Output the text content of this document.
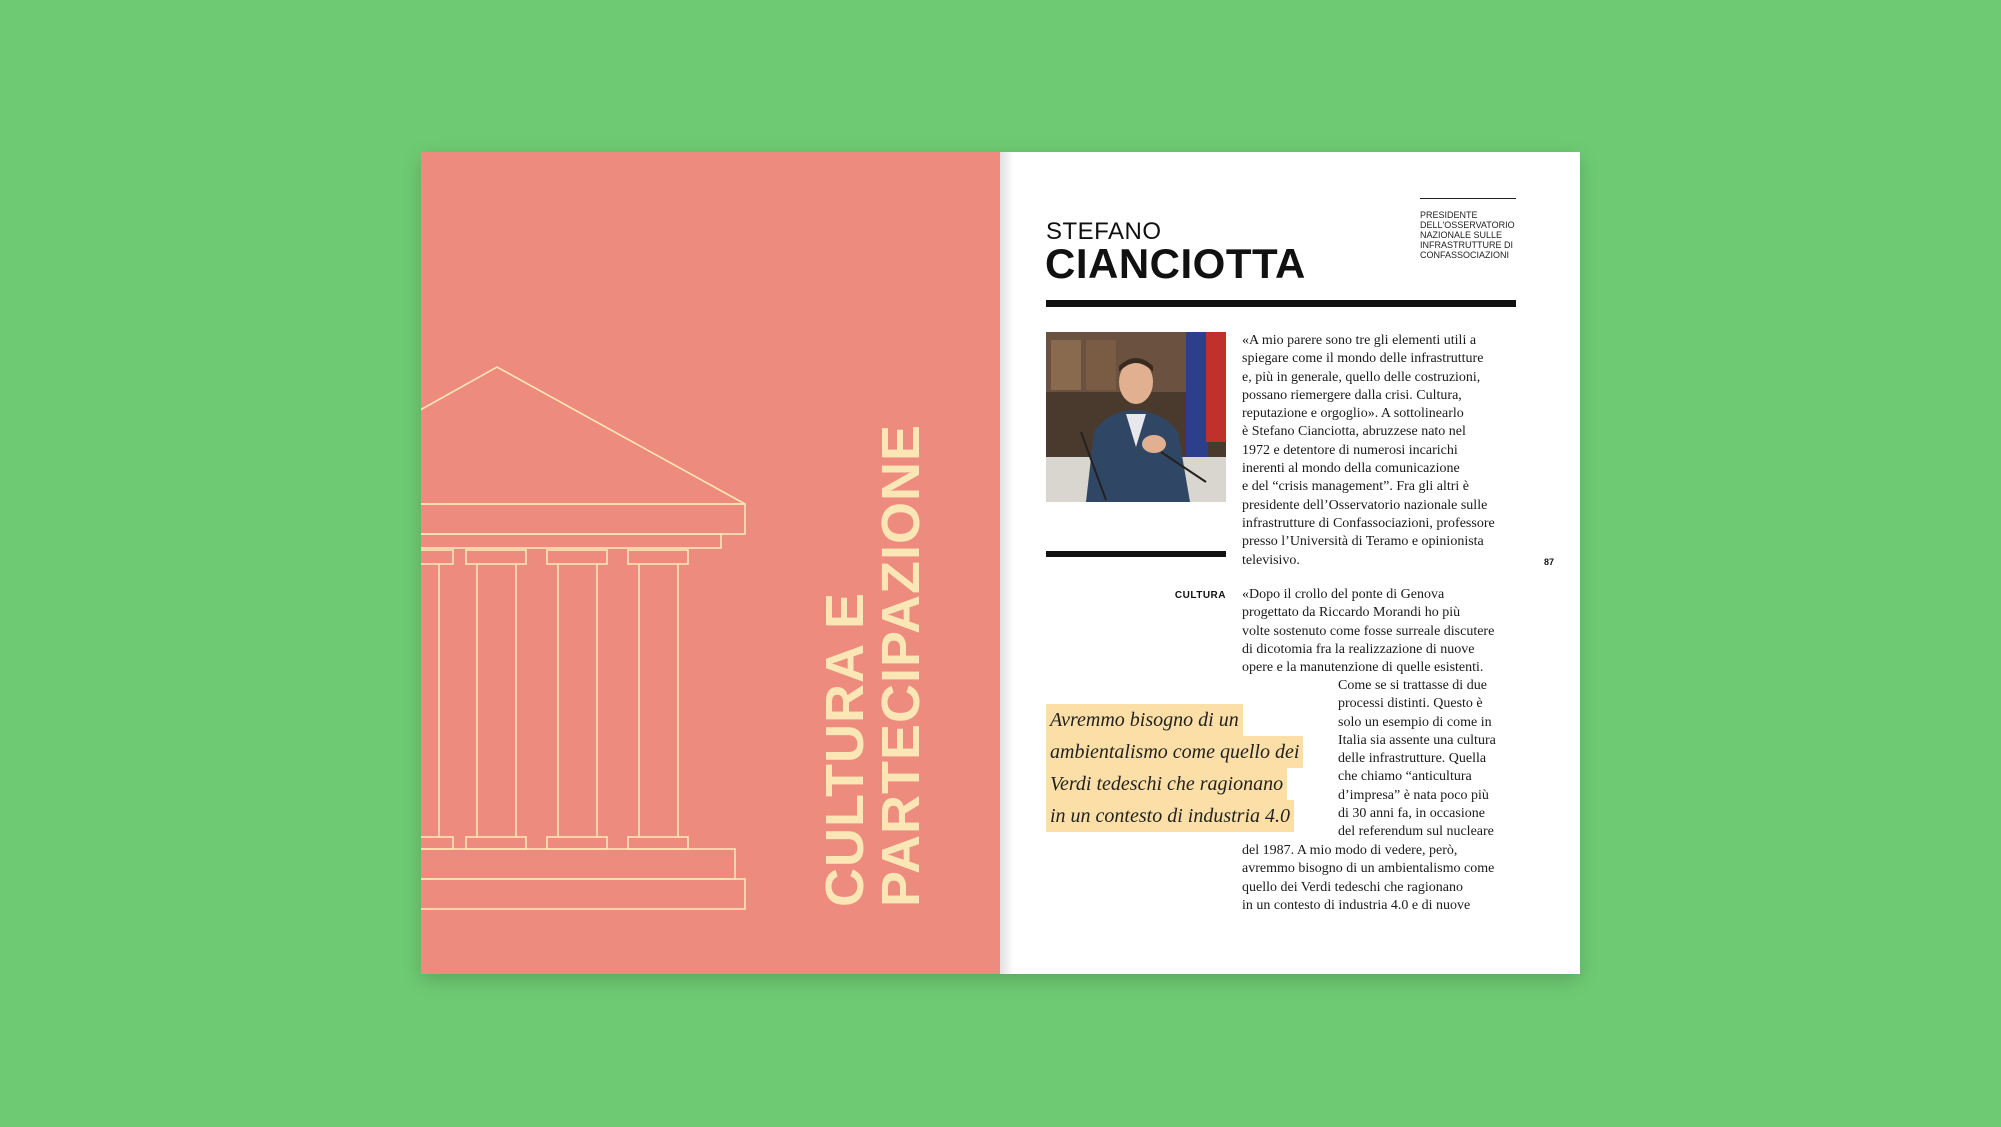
CULTURA E
PARTECIPAZIONE
STEFANO
CIANCIOTTA
PRESIDENTE
DELL'OSSERVATORIO
NAZIONALE SULLE
INFRASTRUTTURE DI
CONFASSOCIAZIONI
«A mio parere sono tre gli elementi utili a
spiegare come il mondo delle infrastrutture
e, più in generale, quello delle costruzioni,
possano riemergere dalla crisi. Cultura,
reputazione e orgoglio». A sottolinearlo
è Stefano Cianciotta, abruzzese nato nel
1972 e detentore di numerosi incarichi
inerenti al mondo della comunicazione
e del “crisis management”. Fra gli altri è
presidente dell’Osservatorio nazionale sulle
infrastrutture di Confassociazioni, professore
presso l’Università di Teramo e opinionista
televisivo.	87
CULTURA «Dopo il crollo del ponte di Genova
progettato da Riccardo Morandi ho più
volte sostenuto come fosse surreale discutere
di dicotomia fra la realizzazione di nuove
opere e la manutenzione di quelle esistenti.
Come se si trattasse di due
processi distinti. Questo è
solo un esempio di come in
Italia sia assente una cultura
delle infrastrutture. Quella
che chiamo “anticultura
d’impresa” è nata poco più
di 30 anni fa, in occasione
del referendum sul nucleare
del 1987. A mio modo di vedere, però,
avremmo bisogno di un ambientalismo come
quello dei Verdi tedeschi che ragionano
in un contesto di industria 4.0 e di nuove
Avremmo bisogno di un
ambientalismo come quello dei
Verdi tedeschi che ragionano
in un contesto di industria 4.0
